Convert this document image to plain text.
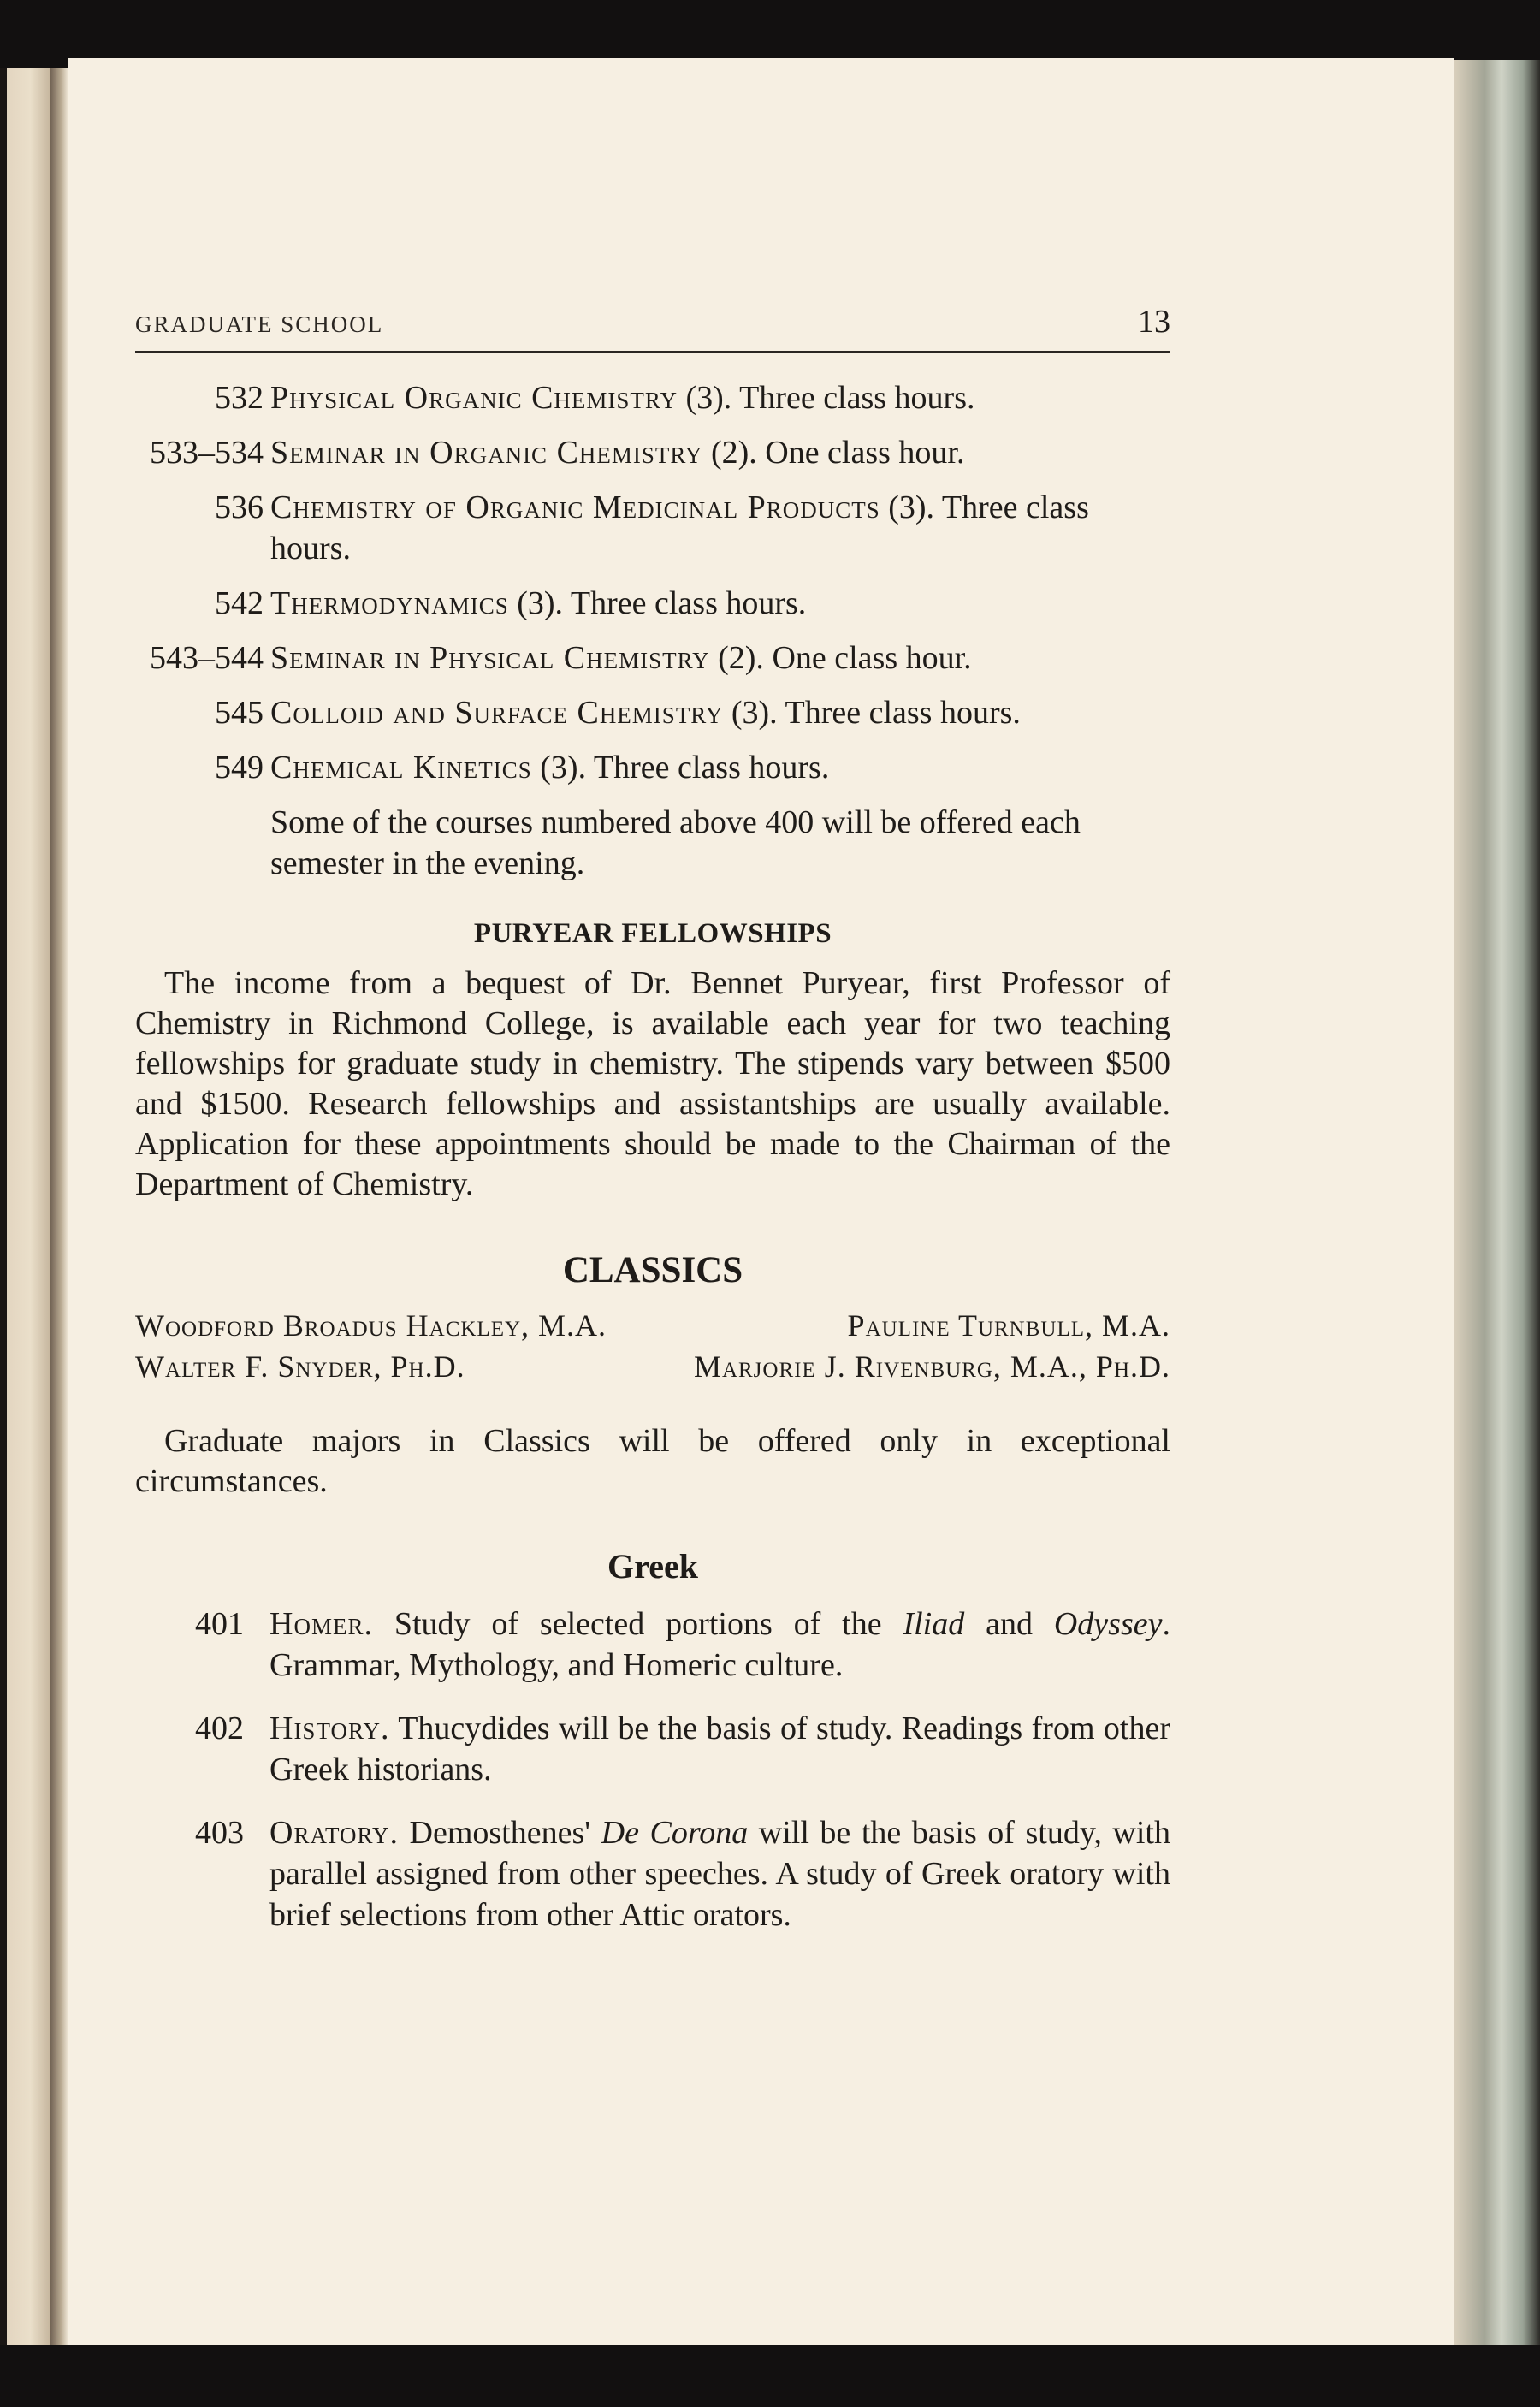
GRADUATE SCHOOL	13
532 Physical Organic Chemistry (3). Three class hours.
533–534 Seminar in Organic Chemistry (2). One class hour.
536 Chemistry of Organic Medicinal Products (3). Three class hours.
542 Thermodynamics (3). Three class hours.
543–544 Seminar in Physical Chemistry (2). One class hour.
545 Colloid and Surface Chemistry (3). Three class hours.
549 Chemical Kinetics (3). Three class hours.
Some of the courses numbered above 400 will be offered each semester in the evening.
PURYEAR FELLOWSHIPS
The income from a bequest of Dr. Bennet Puryear, first Professor of Chemistry in Richmond College, is available each year for two teaching fellowships for graduate study in chemistry. The stipends vary between $500 and $1500. Research fellowships and assistantships are usually available. Application for these appointments should be made to the Chairman of the Department of Chemistry.
CLASSICS
Woodford Broadus Hackley, M.A.	Pauline Turnbull, M.A.
Walter F. Snyder, Ph.D.	Marjorie J. Rivenburg, M.A., Ph.D.
Graduate majors in Classics will be offered only in exceptional circumstances.
Greek
401 Homer. Study of selected portions of the Iliad and Odyssey. Grammar, Mythology, and Homeric culture.
402 History. Thucydides will be the basis of study. Readings from other Greek historians.
403 Oratory. Demosthenes' De Corona will be the basis of study, with parallel assigned from other speeches. A study of Greek oratory with brief selections from other Attic orators.
